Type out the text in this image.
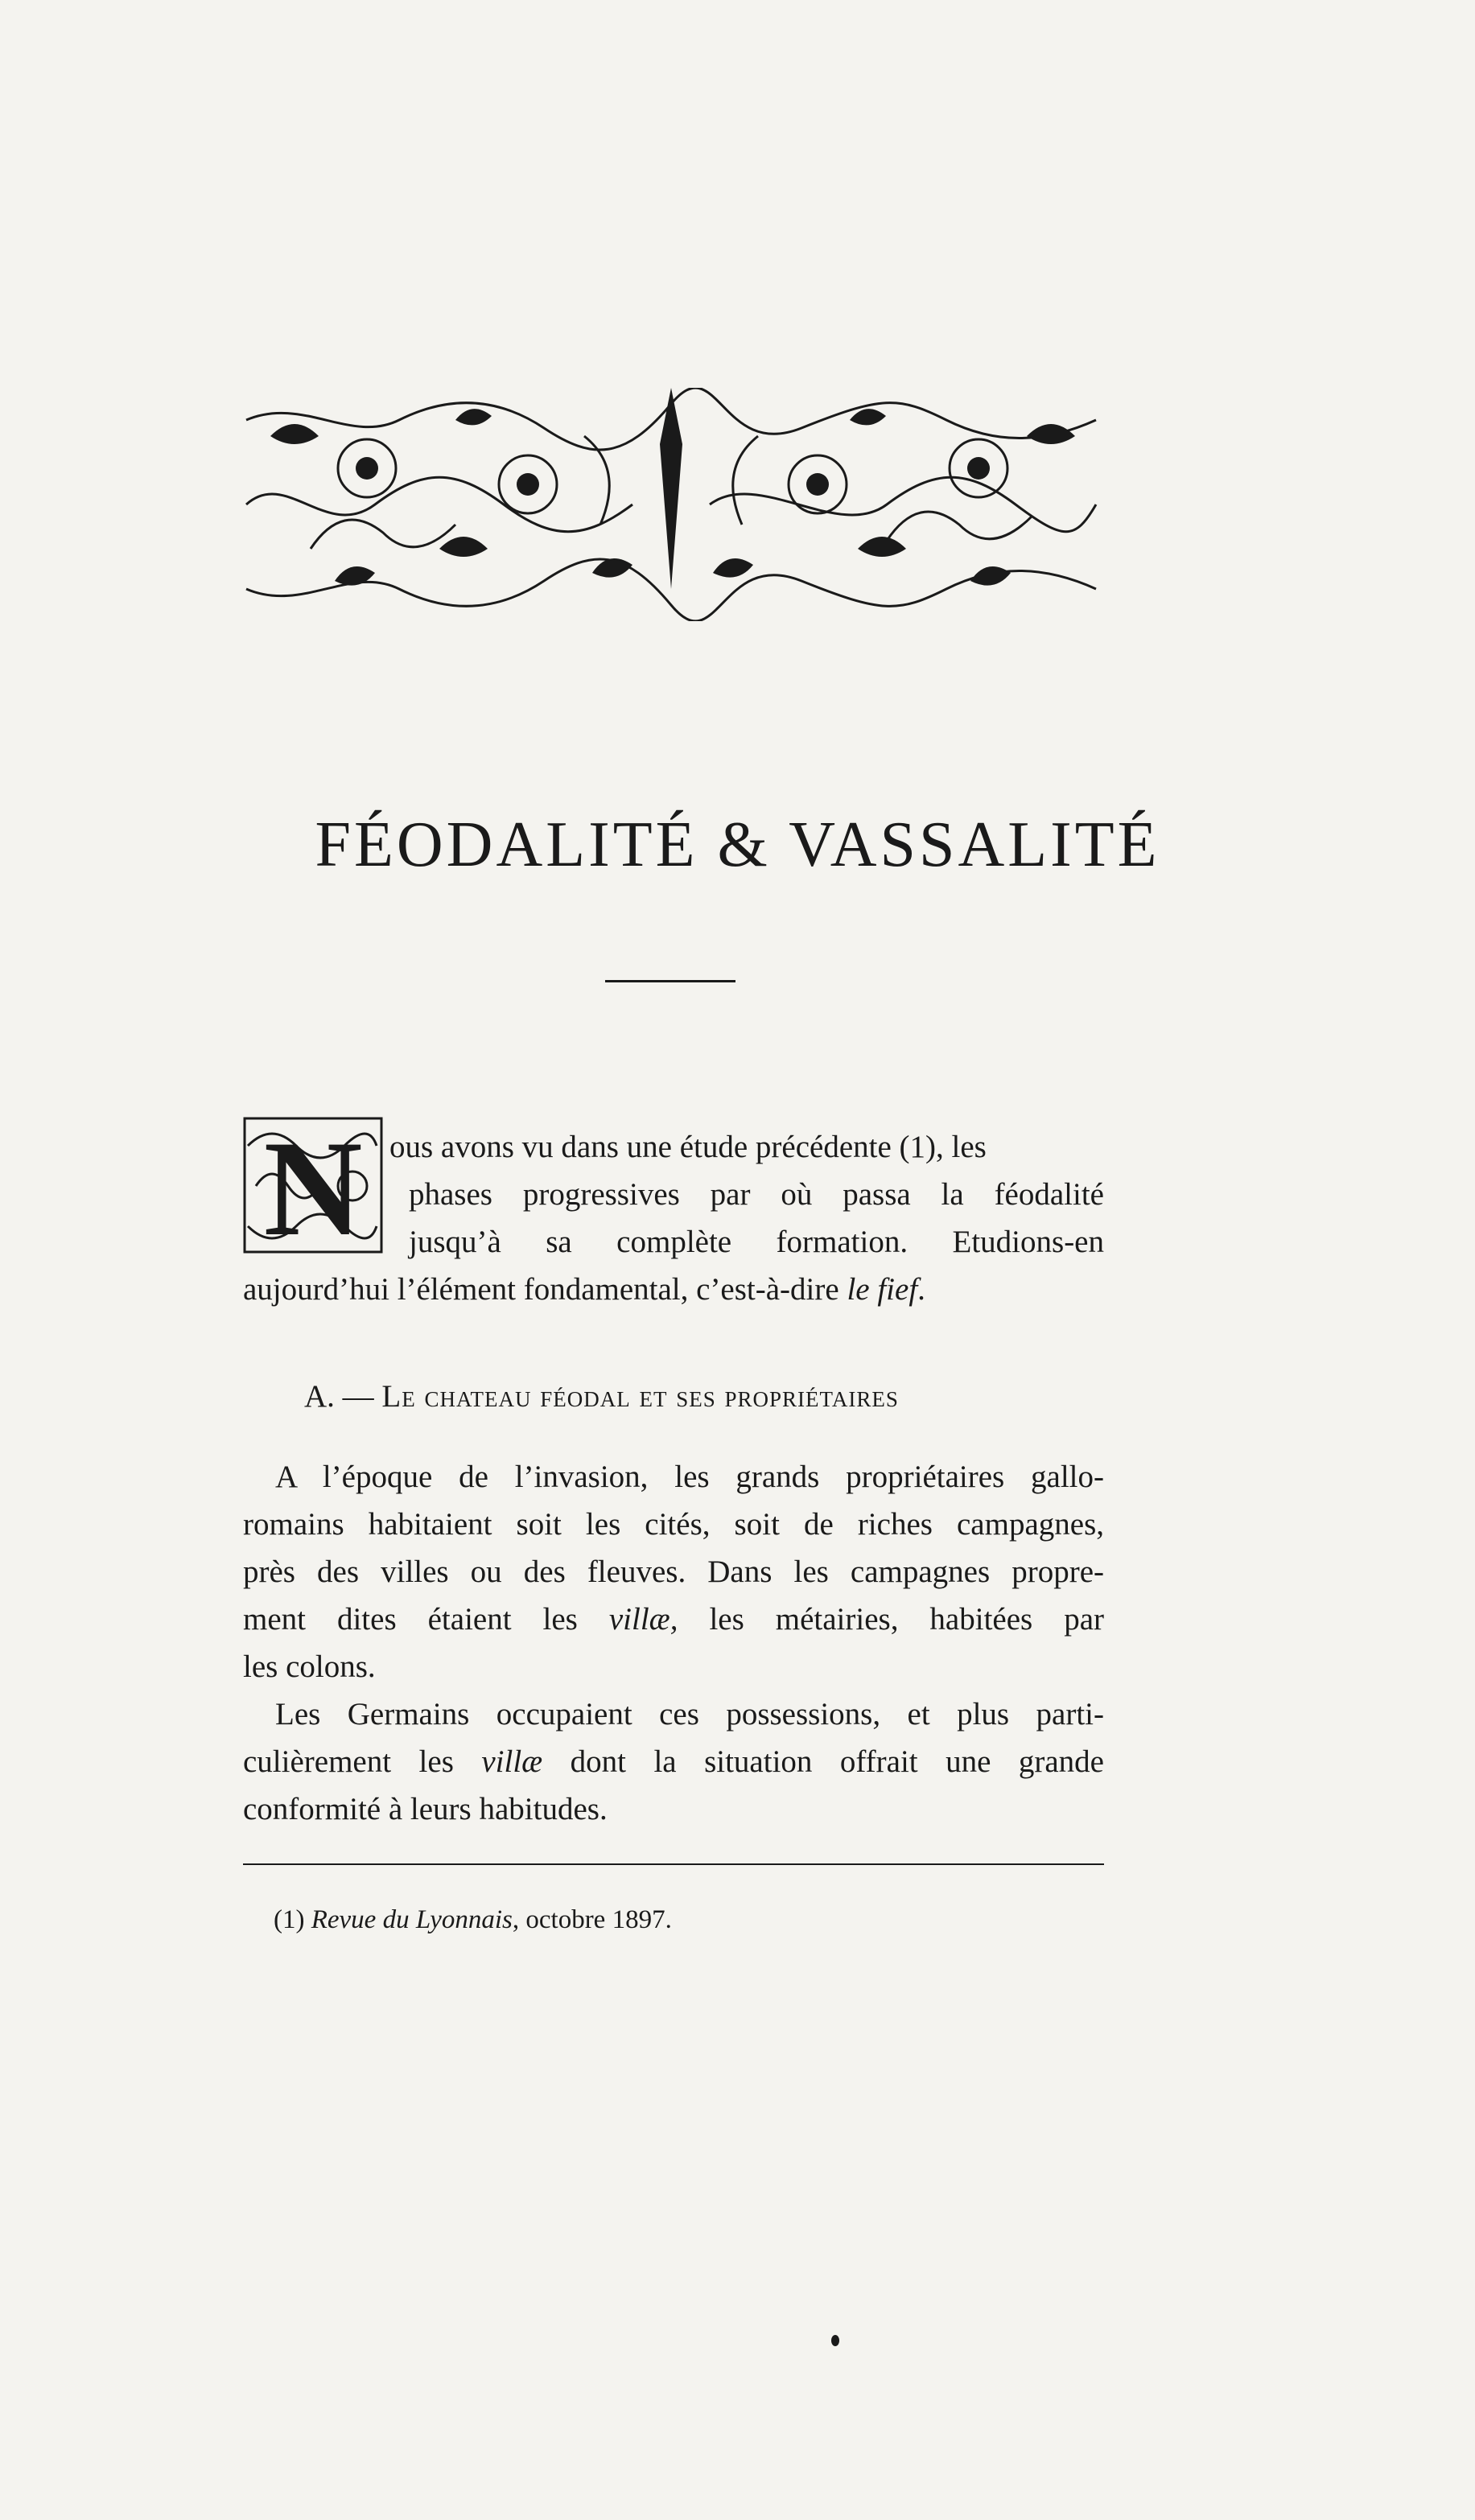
FÉODALITÉ & VASSALITÉ
N ous avons vu dans une étude précédente (1), les
phases progressives par où passa la féodalité
jusqu’à sa complète formation. Etudions-en
aujourd’hui l’élément fondamental, c’est-à-dire le fief.
A. — Le chateau féodal et ses propriétaires

A l’époque de l’invasion, les grands propriétaires gallo-
romains habitaient soit les cités, soit de riches campagnes,
près des villes ou des fleuves. Dans les campagnes propre-
ment dites étaient les villæ, les métairies, habitées par
les colons.

Les Germains occupaient ces possessions, et plus parti-
culièrement les villæ dont la situation offrait une grande
conformité à leurs habitudes.

(1) Revue du Lyonnais, octobre 1897.
